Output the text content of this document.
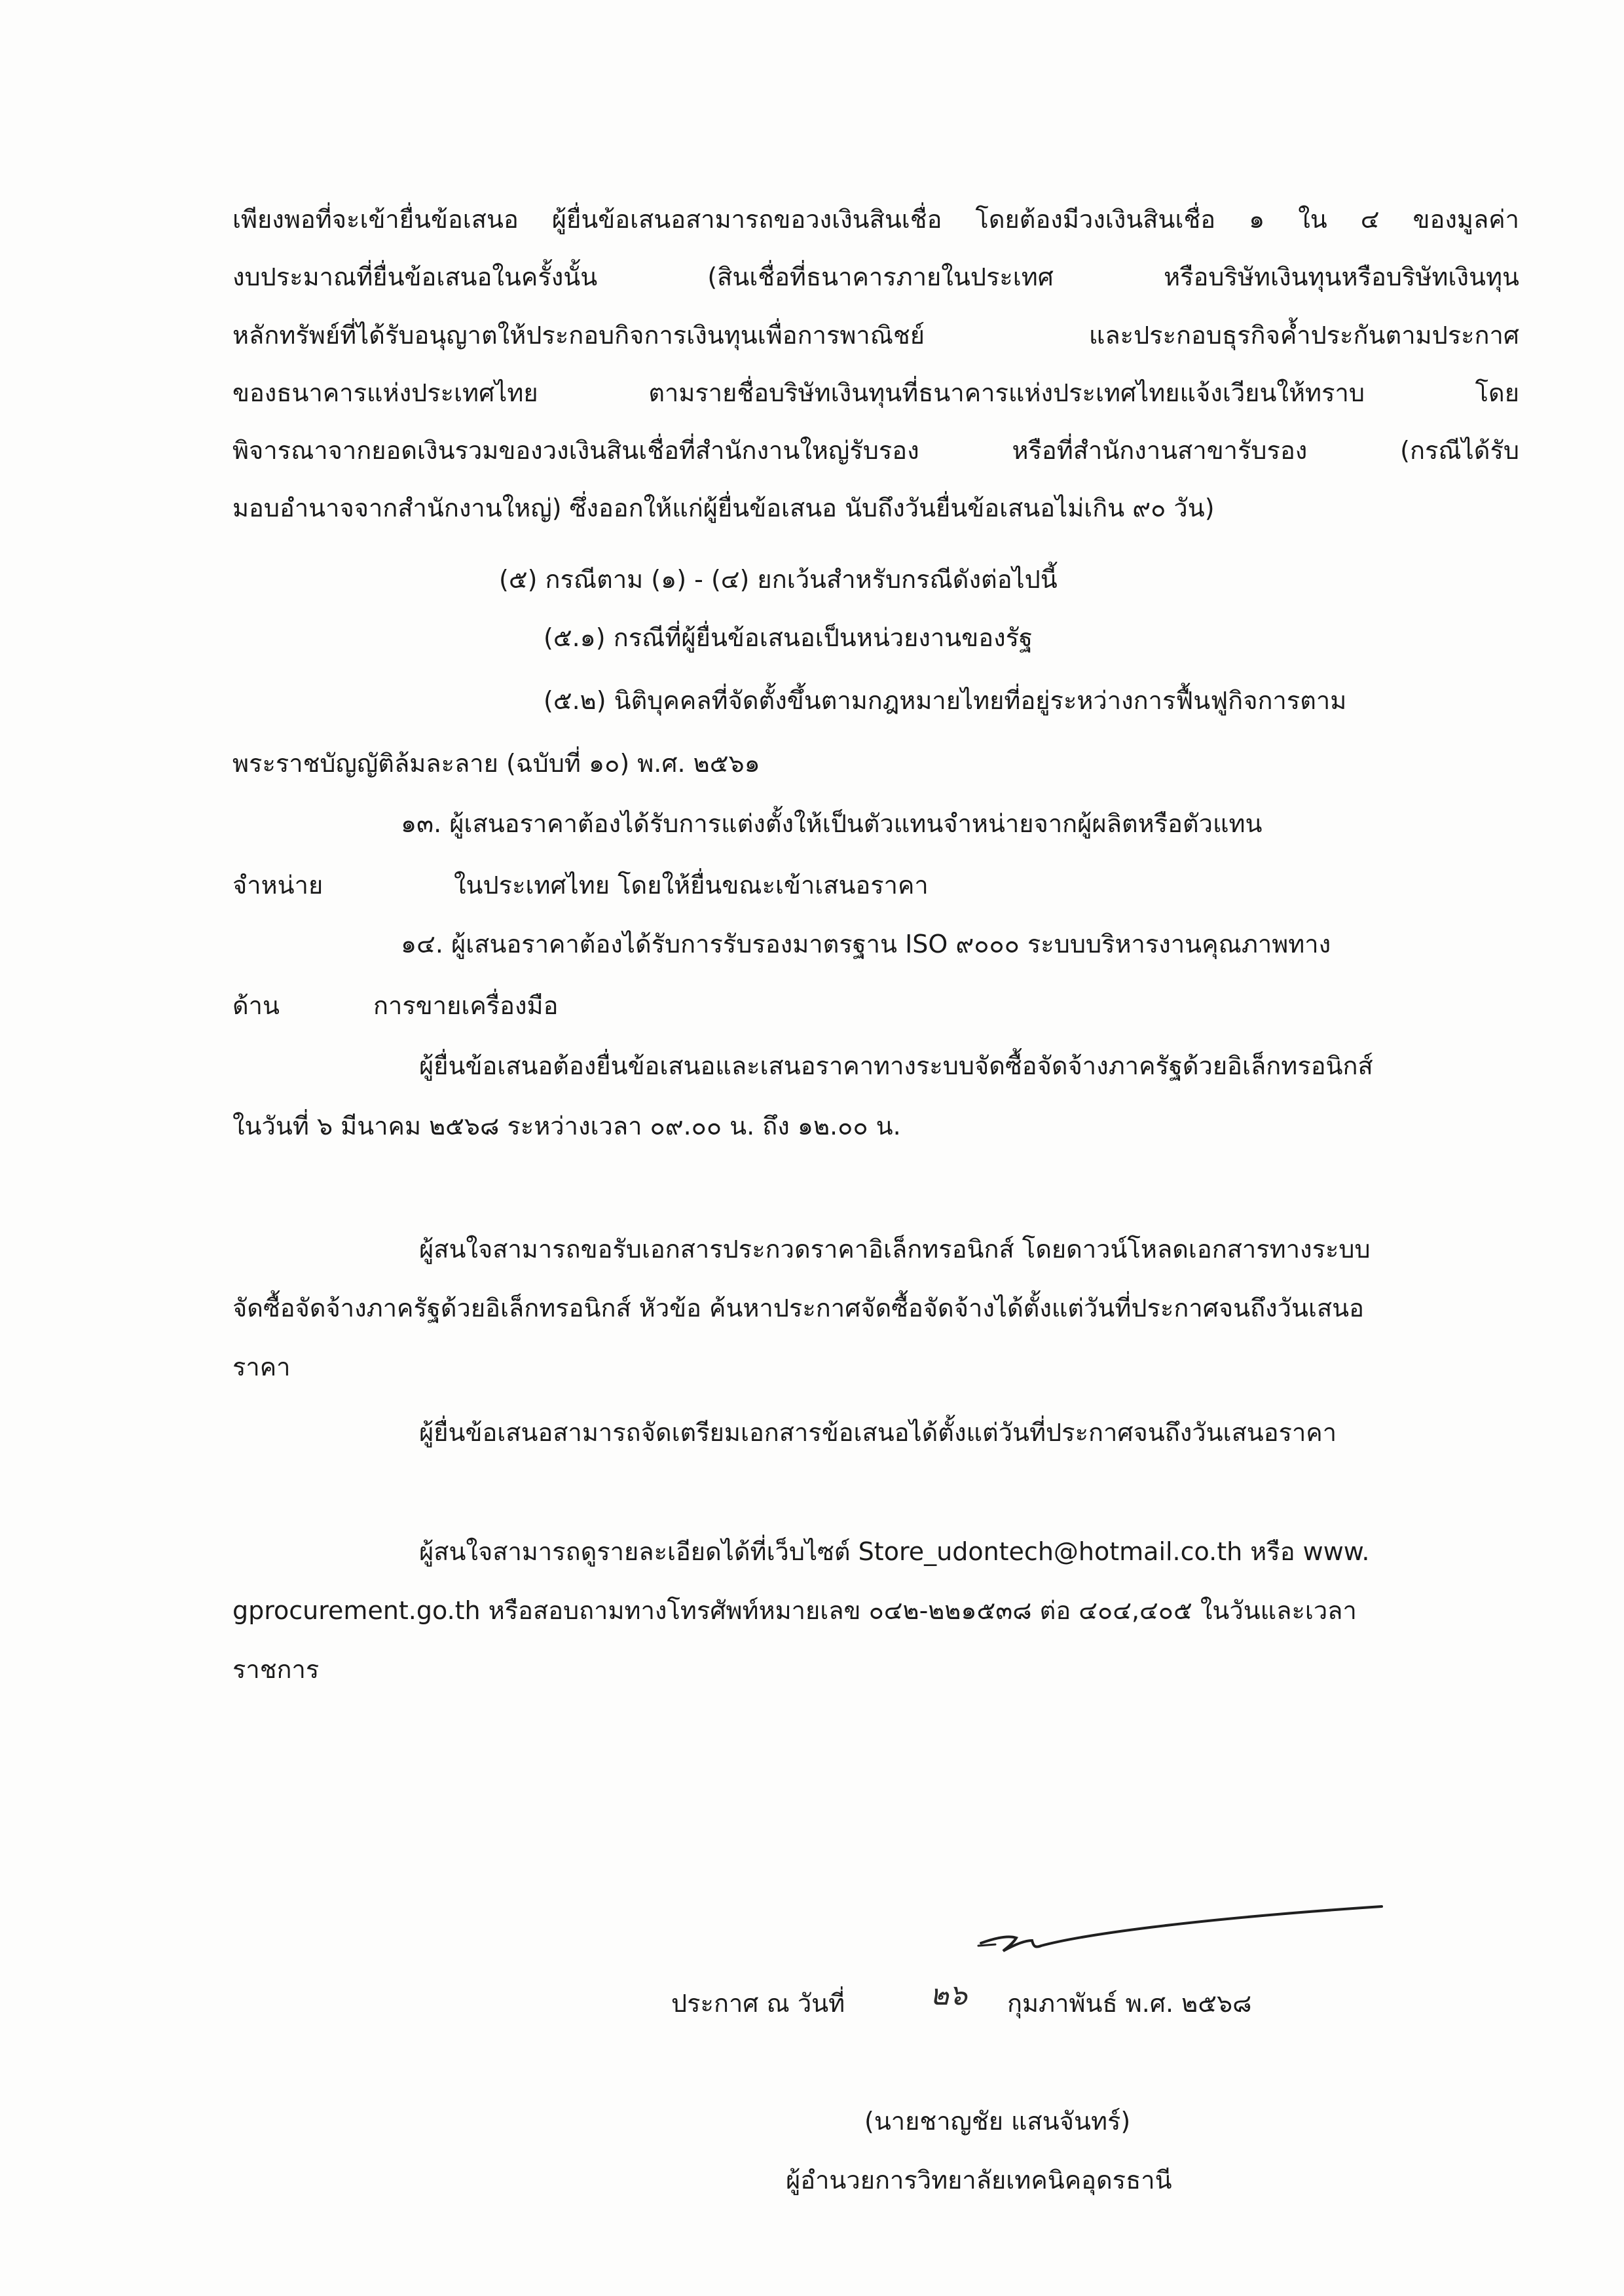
เพียงพอที่จะเข้ายื่นข้อเสนอ ผู้ยื่นข้อเสนอสามารถขอวงเงินสินเชื่อ โดยต้องมีวงเงินสินเชื่อ ๑ ใน ๔ ของมูลค่า
งบประมาณที่ยื่นข้อเสนอในครั้งนั้น	(สินเชื่อที่ธนาคารภายในประเทศ	หรือบริษัทเงินทุนหรือบริษัทเงินทุน
หลักทรัพย์ที่ได้รับอนุญาตให้ประกอบกิจการเงินทุนเพื่อการพาณิชย์	และประกอบธุรกิจค้ำประกันตามประกาศ
ของธนาคารแห่งประเทศไทย	ตามรายชื่อบริษัทเงินทุนที่ธนาคารแห่งประเทศไทยแจ้งเวียนให้ทราบ	โดย
พิจารณาจากยอดเงินรวมของวงเงินสินเชื่อที่สำนักงานใหญ่รับรอง	หรือที่สำนักงานสาขารับรอง	(กรณีได้รับ
มอบอำนาจจากสำนักงานใหญ่) ซึ่งออกให้แก่ผู้ยื่นข้อเสนอ นับถึงวันยื่นข้อเสนอไม่เกิน ๙๐ วัน)
(๕) กรณีตาม (๑) - (๔) ยกเว้นสำหรับกรณีดังต่อไปนี้
(๕.๑) กรณีที่ผู้ยื่นข้อเสนอเป็นหน่วยงานของรัฐ
(๕.๒) นิติบุคคลที่จัดตั้งขึ้นตามกฎหมายไทยที่อยู่ระหว่างการฟื้นฟูกิจการตาม
พระราชบัญญัติล้มละลาย (ฉบับที่ ๑๐) พ.ศ. ๒๕๖๑
๑๓. ผู้เสนอราคาต้องได้รับการแต่งตั้งให้เป็นตัวแทนจำหน่ายจากผู้ผลิตหรือตัวแทน
จำหน่าย	ในประเทศไทย โดยให้ยื่นขณะเข้าเสนอราคา
๑๔. ผู้เสนอราคาต้องได้รับการรับรองมาตรฐาน ISO ๙๐๐๐ ระบบบริหารงานคุณภาพทาง
ด้าน	การขายเครื่องมือ
ผู้ยื่นข้อเสนอต้องยื่นข้อเสนอและเสนอราคาทางระบบจัดซื้อจัดจ้างภาครัฐด้วยอิเล็กทรอนิกส์
ในวันที่ ๖ มีนาคม ๒๕๖๘ ระหว่างเวลา ๐๙.๐๐ น. ถึง ๑๒.๐๐ น.
ผู้สนใจสามารถขอรับเอกสารประกวดราคาอิเล็กทรอนิกส์ โดยดาวน์โหลดเอกสารทางระบบ
จัดซื้อจัดจ้างภาครัฐด้วยอิเล็กทรอนิกส์ หัวข้อ ค้นหาประกาศจัดซื้อจัดจ้างได้ตั้งแต่วันที่ประกาศจนถึงวันเสนอ
ราคา
ผู้ยื่นข้อเสนอสามารถจัดเตรียมเอกสารข้อเสนอได้ตั้งแต่วันที่ประกาศจนถึงวันเสนอราคา
ผู้สนใจสามารถดูรายละเอียดได้ที่เว็บไซต์ Store_udontech@hotmail.co.th หรือ www.
gprocurement.go.th หรือสอบถามทางโทรศัพท์หมายเลข ๐๔๒-๒๒๑๕๓๘ ต่อ ๔๐๔,๔๐๕ ในวันและเวลา
ราชการ
ประกาศ ณ วันที่	๒๖ กุมภาพันธ์ พ.ศ. ๒๕๖๘
(นายชาญชัย แสนจันทร์)
ผู้อำนวยการวิทยาลัยเทคนิคอุดรธานี
